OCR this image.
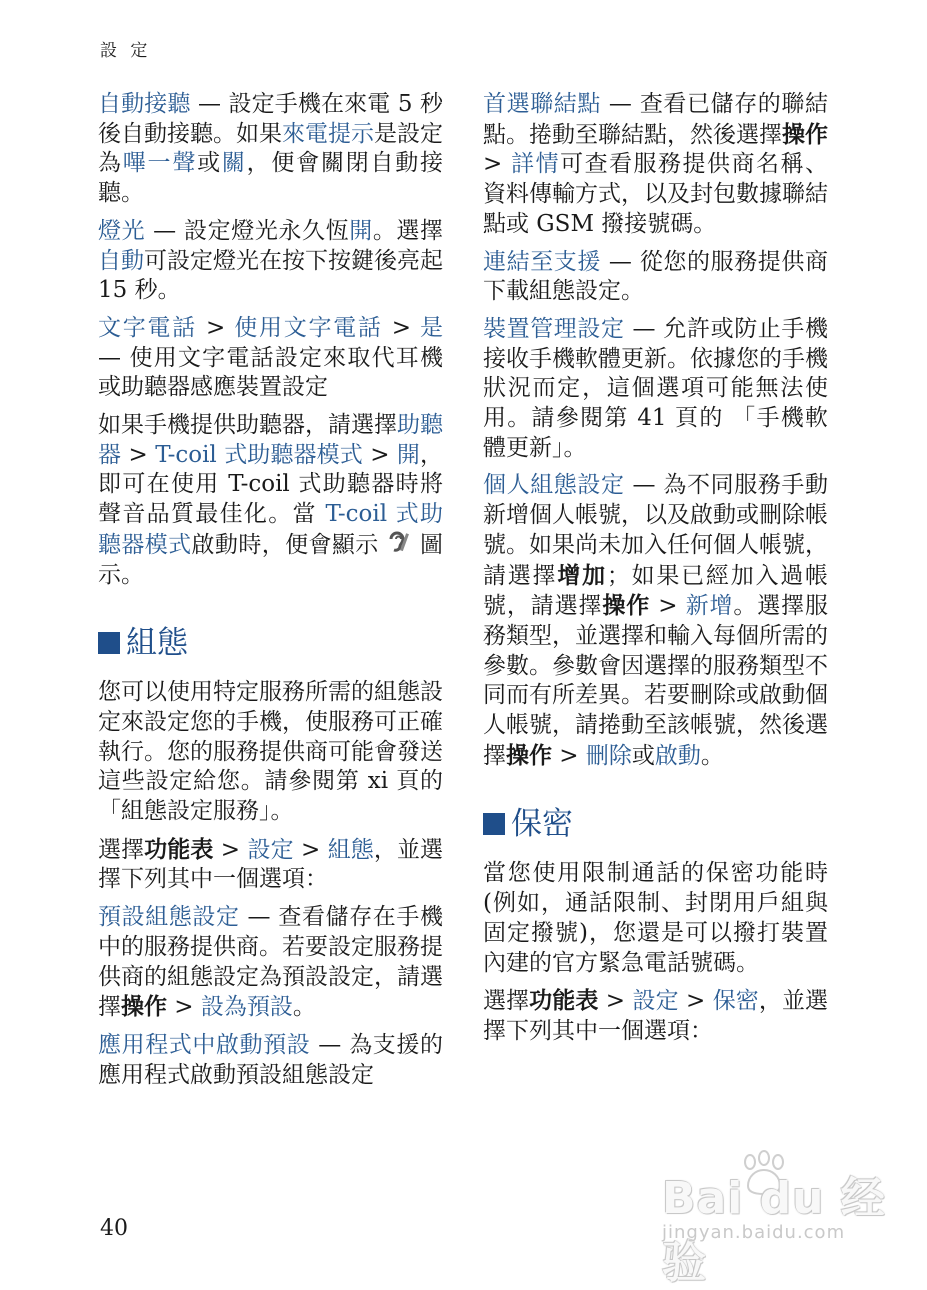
設 定

自動接聽 — 設定手機在來電 5 秒後自動接聽。如果來電提示是設定為嗶一聲或關，便會關閉自動接聽。

燈光 — 設定燈光永久恆開。選擇自動可設定燈光在按下按鍵後亮起 15 秒。

文字電話 > 使用文字電話 > 是 — 使用文字電話設定來取代耳機或助聽器感應裝置設定

如果手機提供助聽器，請選擇助聽器 > T-coil 式助聽器模式 > 開，即可在使用 T-coil 式助聽器時將聲音品質最佳化。當 T-coil 式助聽器模式啟動時，便會顯示  圖示。

組態

您可以使用特定服務所需的組態設定來設定您的手機，使服務可正確執行。您的服務提供商可能會發送這些設定給您。請參閱第 xi 頁的 「組態設定服務」。

選擇功能表 > 設定 > 組態，並選擇下列其中一個選項：

預設組態設定 — 查看儲存在手機中的服務提供商。若要設定服務提供商的組態設定為預設設定，請選擇操作 > 設為預設。

應用程式中啟動預設 — 為支援的應用程式啟動預設組態設定

首選聯結點 — 查看已儲存的聯結點。捲動至聯結點，然後選擇操作 > 詳情可查看服務提供商名稱、資料傳輸方式，以及封包數據聯結點或 GSM 撥接號碼。

連結至支援 — 從您的服務提供商下載組態設定。

裝置管理設定 — 允許或防止手機接收手機軟體更新。依據您的手機狀況而定，這個選項可能無法使用。請參閱第 41 頁的 「手機軟體更新」。

個人組態設定 — 為不同服務手動新增個人帳號，以及啟動或刪除帳號。如果尚未加入任何個人帳號，請選擇增加；如果已經加入過帳號，請選擇操作 > 新增。選擇服務類型，並選擇和輸入每個所需的參數。參數會因選擇的服務類型不同而有所差異。若要刪除或啟動個人帳號，請捲動至該帳號，然後選擇操作 > 刪除或啟動。

保密

當您使用限制通話的保密功能時 (例如，通話限制、封閉用戶組與固定撥號)，您還是可以撥打裝置內建的官方緊急電話號碼。

選擇功能表 > 設定 > 保密，並選擇下列其中一個選項：

40
Bai du 经验
jingyan.baidu.com
